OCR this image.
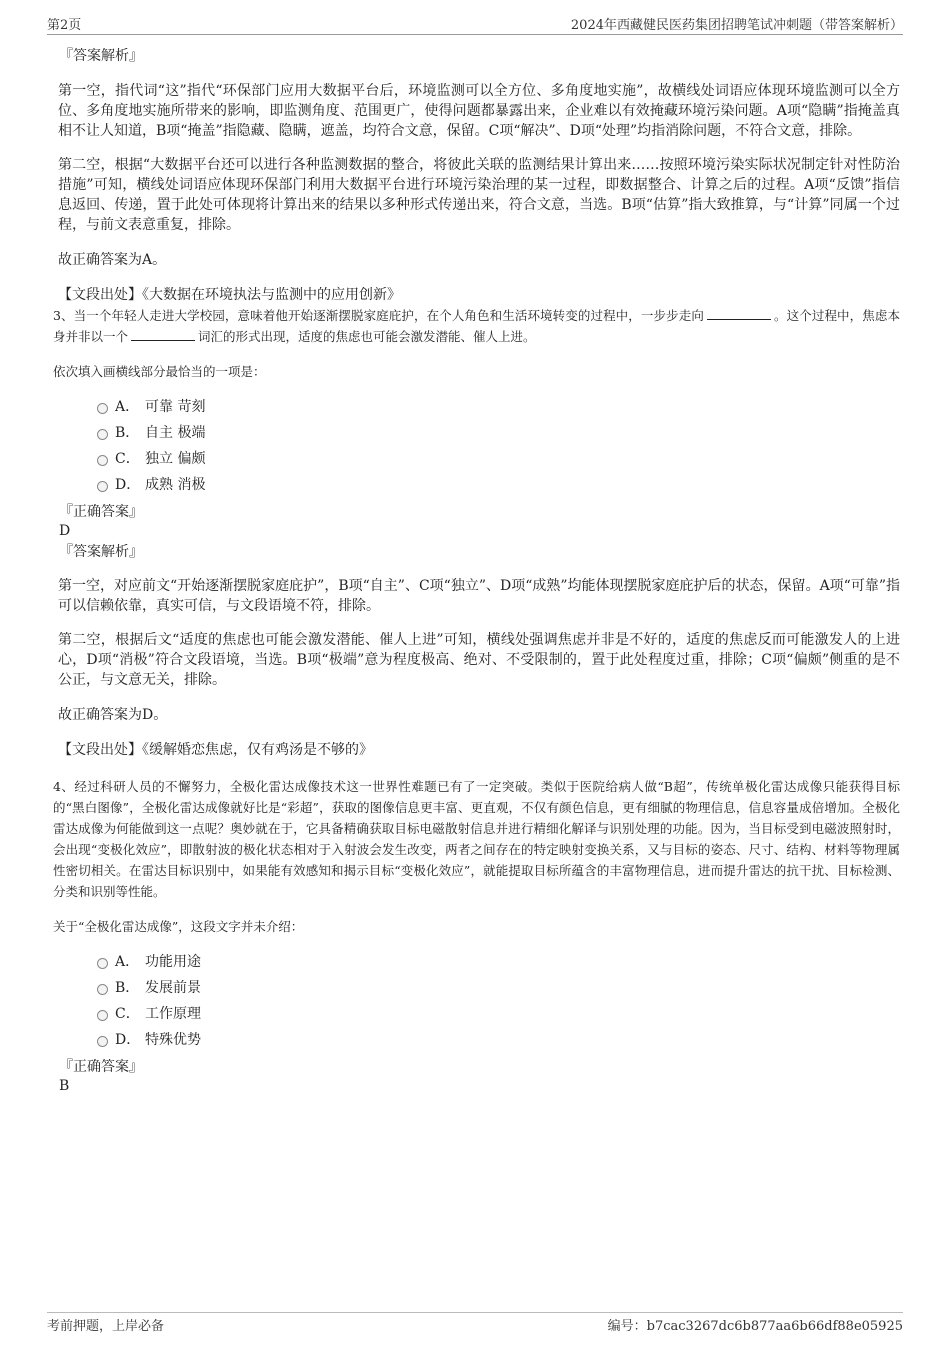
第2页	2024年西藏健民医药集团招聘笔试冲刺题（带答案解析）
『答案解析』

第一空，指代词“这”指代“环保部门应用大数据平台后，环境监测可以全方位、多角度地实施”，故横线处词语应体现环境监测可以全方位、多角度地实施所带来的影响，即监测角度、范围更广，使得问题都暴露出来，企业难以有效掩藏环境污染问题。A项“隐瞒”指掩盖真相不让人知道，B项“掩盖”指隐藏、隐瞒，遮盖，均符合文意，保留。C项“解决”、D项“处理”均指消除问题，不符合文意，排除。

第二空，根据“大数据平台还可以进行各种监测数据的整合，将彼此关联的监测结果计算出来……按照环境污染实际状况制定针对性防治措施”可知，横线处词语应体现环保部门利用大数据平台进行环境污染治理的某一过程，即数据整合、计算之后的过程。A项“反馈”指信息返回、传递，置于此处可体现将计算出来的结果以多种形式传递出来，符合文意，当选。B项“估算”指大致推算，与“计算”同属一个过程，与前文表意重复，排除。

故正确答案为A。

【文段出处】《大数据在环境执法与监测中的应用创新》

3、当一个年轻人走进大学校园，意味着他开始逐渐摆脱家庭庇护，在个人角色和生活环境转变的过程中，一步步走向	。这个过程中，焦虑本身并非以一个	词汇的形式出现，适度的焦虑也可能会激发潜能、催人上进。

依次填入画横线部分最恰当的一项是：

A． 可靠 苛刻
B． 自主 极端
C． 独立 偏颇
D． 成熟 消极
『正确答案』
D
『答案解析』

第一空，对应前文“开始逐渐摆脱家庭庇护”，B项“自主”、C项“独立”、D项“成熟”均能体现摆脱家庭庇护后的状态，保留。A项“可靠”指可以信赖依靠，真实可信，与文段语境不符，排除。

第二空，根据后文“适度的焦虑也可能会激发潜能、催人上进”可知，横线处强调焦虑并非是不好的，适度的焦虑反而可能激发人的上进心，D项“消极”符合文段语境，当选。B项“极端”意为程度极高、绝对、不受限制的，置于此处程度过重，排除；C项“偏颇”侧重的是不公正，与文意无关，排除。

故正确答案为D。

【文段出处】《缓解婚恋焦虑，仅有鸡汤是不够的》

4、经过科研人员的不懈努力，全极化雷达成像技术这一世界性难题已有了一定突破。类似于医院给病人做“B超”，传统单极化雷达成像只能获得目标的“黑白图像”，全极化雷达成像就好比是“彩超”，获取的图像信息更丰富、更直观，不仅有颜色信息，更有细腻的物理信息，信息容量成倍增加。全极化雷达成像为何能做到这一点呢？奥妙就在于，它具备精确获取目标电磁散射信息并进行精细化解译与识别处理的功能。因为，当目标受到电磁波照射时，会出现“变极化效应”，即散射波的极化状态相对于入射波会发生改变，两者之间存在的特定映射变换关系，又与目标的姿态、尺寸、结构、材料等物理属性密切相关。在雷达目标识别中，如果能有效感知和揭示目标“变极化效应”，就能提取目标所蕴含的丰富物理信息，进而提升雷达的抗干扰、目标检测、分类和识别等性能。

关于“全极化雷达成像”，这段文字并未介绍：

A． 功能用途
B． 发展前景
C． 工作原理
D． 特殊优势
『正确答案』
B
考前押题，上岸必备	编号：b7cac3267dc6b877aa6b66df88e05925
